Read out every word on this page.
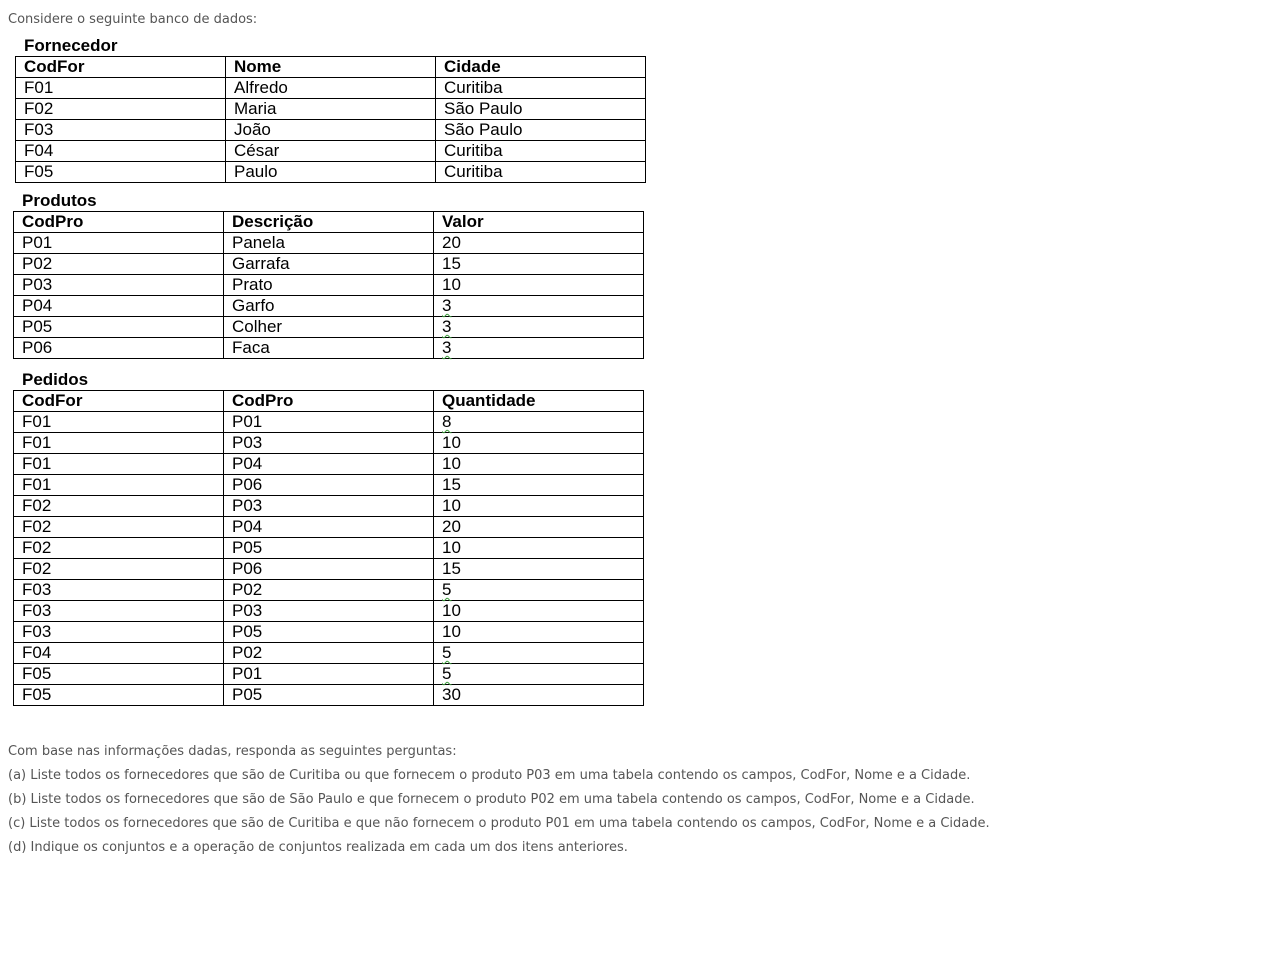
Considere o seguinte banco de dados:
Fornecedor
CodFor	Nome	Cidade
F01	Alfredo	Curitiba
F02	Maria	São Paulo
F03	João	São Paulo
F04	César	Curitiba
F05	Paulo	Curitiba
Produtos
CodPro	Descrição	Valor
P01	Panela	20
P02	Garrafa	15
P03	Prato	10
P04	Garfo	3
P05	Colher	3
P06	Faca	3
Pedidos
CodFor	CodPro	Quantidade
F01	P01	8
F01	P03	10
F01	P04	10
F01	P06	15
F02	P03	10
F02	P04	20
F02	P05	10
F02	P06	15
F03	P02	5
F03	P03	10
F03	P05	10
F04	P02	5
F05	P01	5
F05	P05	30

Com base nas informações dadas, responda as seguintes perguntas:

(a) Liste todos os fornecedores que são de Curitiba ou que fornecem o produto P03 em uma tabela contendo os campos, CodFor, Nome e a Cidade.

(b) Liste todos os fornecedores que são de São Paulo e que fornecem o produto P02 em uma tabela contendo os campos, CodFor, Nome e a Cidade.

(c) Liste todos os fornecedores que são de Curitiba e que não fornecem o produto P01 em uma tabela contendo os campos, CodFor, Nome e a Cidade.

(d) Indique os conjuntos e a operação de conjuntos realizada em cada um dos itens anteriores.
